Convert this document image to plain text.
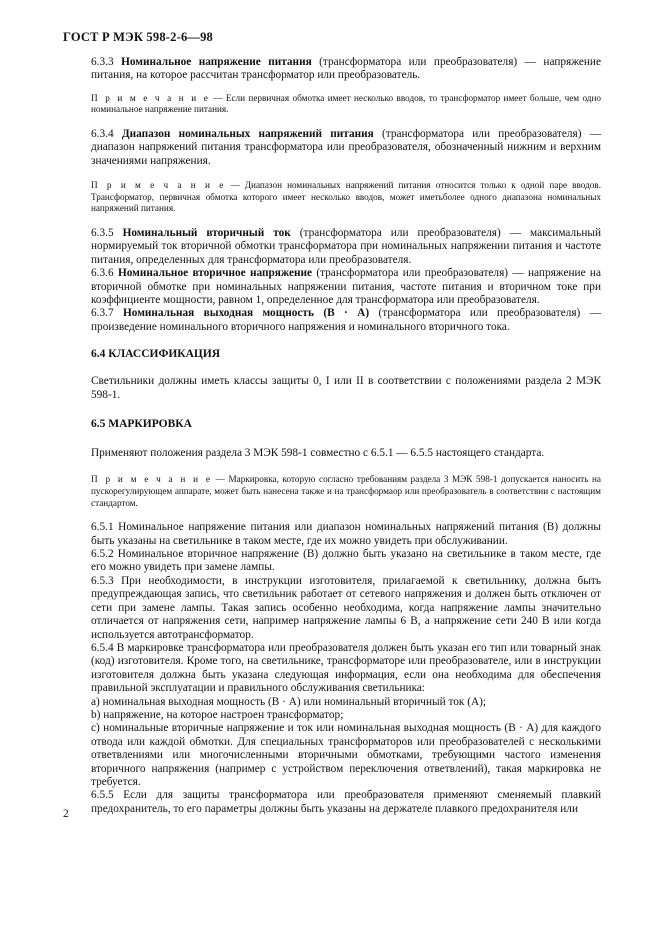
ГОСТ Р МЭК 598-2-6—98

6.3.3 Номинальное напряжение питания (трансформатора или преобразователя) — напряжение питания, на которое рассчитан трансформатор или преобразователь.

П р и м е ч а н и е — Если первичная обмотка имеет несколько вводов, то трансформатор имеет больше, чем одно номинальное напряжение питания.

6.3.4 Диапазон номинальных напряжений питания (трансформатора или преобразователя) — диапазон напряжений питания трансформатора или преобразователя, обозначенный нижним и верхним значениями напряжения.

П р и м е ч а н и е — Диапазон номинальных напряжений питания относится только к одной паре вводов. Трансформатор, первичная обмотка которого имеет несколько вводов, может иметьболее одного диапазона номинальных напряжений питания.

6.3.5 Номинальный вторичный ток (трансформатора или преобразователя) — максимальный нормируемый ток вторичной обмотки трансформатора при номинальных напряжении питания и частоте питания, определенных для трансформатора или преобразователя.

6.3.6 Номинальное вторичное напряжение (трансформатора или преобразователя) — напряжение на вторичной обмотке при номинальных напряжении питания, частоте питания и вторичном токе при коэффициенте мощности, равном 1, определенное для трансформатора или преобразователя.

6.3.7 Номинальная выходная мощность (В · А) (трансформатора или преобразователя) — произведение номинального вторичного напряжения и номинального вторичного тока.

6.4 КЛАССИФИКАЦИЯ

Светильники должны иметь классы защиты 0, I или II в соответствии с положениями раздела 2 МЭК 598-1.

6.5 МАРКИРОВКА

Применяют положения раздела 3 МЭК 598-1 совместно с 6.5.1 — 6.5.5 настоящего стандарта.

П р и м е ч а н и е — Маркировка, которую согласно требованиям раздела 3 МЭК 598-1 допускается наносить на пускорегулирующем аппарате, может быть нанесена также и на трансформаор или преобразователь в соответствии с настоящим стандартом.

6.5.1 Номинальное напряжение питания или диапазон номинальных напряжений питания (В) должны быть указаны на светильнике в таком месте, где их можно увидеть при обслуживании.

6.5.2 Номинальное вторичное напряжение (В) должно быть указано на светильнике в таком месте, где его можно увидеть при замене лампы.

6.5.3 При необходимости, в инструкции изготовителя, прилагаемой к светильнику, должна быть предупреждающая запись, что светильник работает от сетевого напряжения и должен быть отключен от сети при замене лампы. Такая запись особенно необходима, когда напряжение лампы значительно отличается от напряжения сети, например напряжение лампы 6 В, а напряжение сети 240 В или когда используется автотрансформатор.

6.5.4 В маркировке трансформатора или преобразователя должен быть указан его тип или товарный знак (код) изготовителя. Кроме того, на светильнике, трансформаторе или преобразователе, или в инструкции изготовителя должна быть указана следующая информация, если она необходима для обеспечения правильной эксплуатации и правильного обслуживания светильника:

а) номинальная выходная мощность (В · А) или номинальный вторичный ток (А);

b) напряжение, на которое настроен трансформатор;

с) номинальные вторичные напряжение и ток или номинальная выходная мощность (В · А) для каждого отвода или каждой обмотки. Для специальных трансформаторов или преобразователей с несколькими ответвлениями или многочисленными вторичными обмотками, требующими частого изменения вторичного напряжения (например с устройством переключения ответвлений), такая маркировка не требуется.

6.5.5 Если для защиты трансформатора или преобразователя применяют сменяемый плавкий предохранитель, то его параметры должны быть указаны на держателе плавкого предохранителя или

2
